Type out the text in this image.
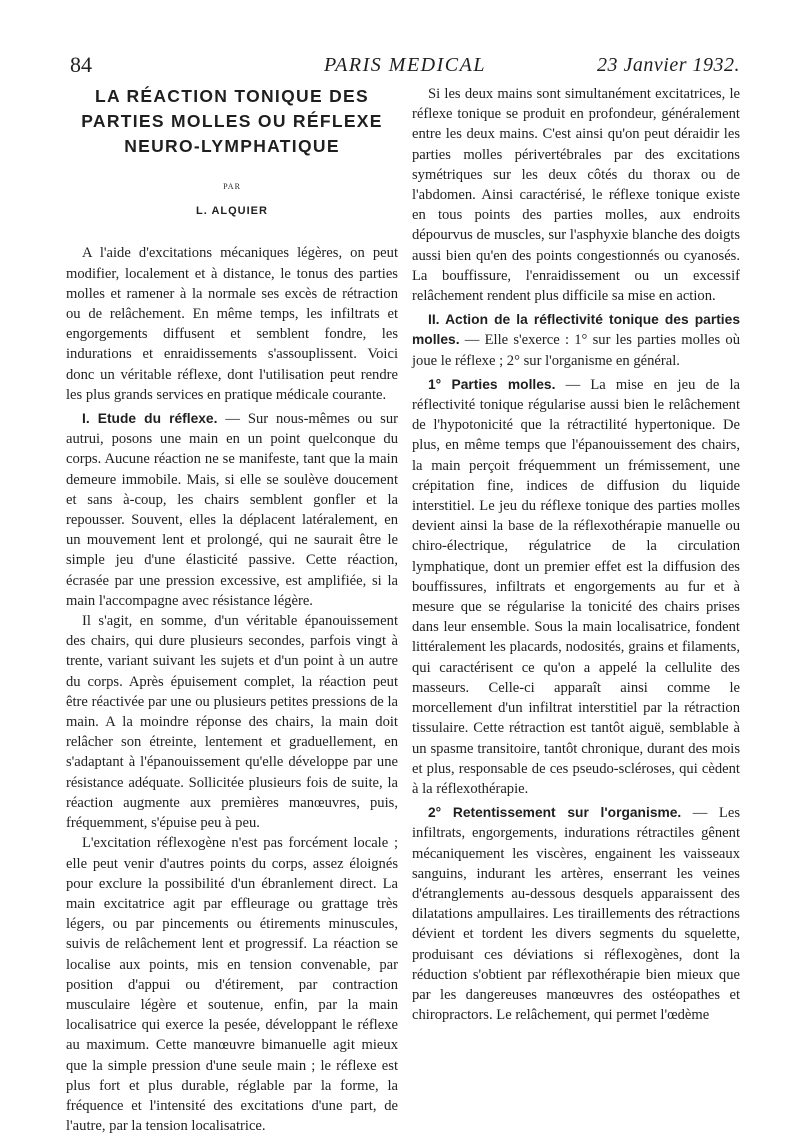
84	PARIS MEDICAL	23 Janvier 1932.
LA RÉACTION TONIQUE DES PARTIES MOLLES OU RÉFLEXE NEURO-LYMPHATIQUE
PAR
L. ALQUIER

A l'aide d'excitations mécaniques légères, on peut modifier, localement et à distance, le tonus des parties molles et ramener à la normale ses excès de rétraction ou de relâchement. En même temps, les infiltrats et engorgements diffusent et semblent fondre, les indurations et enraidissements s'assouplissent. Voici donc un véritable réflexe, dont l'utilisation peut rendre les plus grands services en pratique médicale courante.

I. Etude du réflexe. — Sur nous-mêmes ou sur autrui, posons une main en un point quelconque du corps. Aucune réaction ne se manifeste, tant que la main demeure immobile. Mais, si elle se soulève doucement et sans à-coup, les chairs semblent gonfler et la repousser. Souvent, elles la déplacent latéralement, en un mouvement lent et prolongé, qui ne saurait être le simple jeu d'une élasticité passive. Cette réaction, écrasée par une pression excessive, est amplifiée, si la main l'accompagne avec résistance légère.

Il s'agit, en somme, d'un véritable épanouissement des chairs, qui dure plusieurs secondes, parfois vingt à trente, variant suivant les sujets et d'un point à un autre du corps. Après épuisement complet, la réaction peut être réactivée par une ou plusieurs petites pressions de la main. A la moindre réponse des chairs, la main doit relâcher son étreinte, lentement et graduellement, en s'adaptant à l'épanouissement qu'elle développe par une résistance adéquate. Sollicitée plusieurs fois de suite, la réaction augmente aux premières manœuvres, puis, fréquemment, s'épuise peu à peu.

L'excitation réflexogène n'est pas forcément locale ; elle peut venir d'autres points du corps, assez éloignés pour exclure la possibilité d'un ébranlement direct. La main excitatrice agit par effleurage ou grattage très légers, ou par pincements ou étirements minuscules, suivis de relâchement lent et progressif. La réaction se localise aux points, mis en tension convenable, par position d'appui ou d'étirement, par contraction musculaire légère et soutenue, enfin, par la main localisatrice qui exerce la pesée, développant le réflexe au maximum. Cette manœuvre bimanuelle agit mieux que la simple pression d'une seule main ; le réflexe est plus fort et plus durable, réglable par la forme, la fréquence et l'intensité des excitations d'une part, de l'autre, par la tension localisatrice.

Si les deux mains sont simultanément excitatrices, le réflexe tonique se produit en profondeur, généralement entre les deux mains. C'est ainsi qu'on peut déraidir les parties molles périvertébrales par des excitations symétriques sur les deux côtés du thorax ou de l'abdomen. Ainsi caractérisé, le réflexe tonique existe en tous points des parties molles, aux endroits dépourvus de muscles, sur l'asphyxie blanche des doigts aussi bien qu'en des points congestionnés ou cyanosés. La bouffissure, l'enraidissement ou un excessif relâchement rendent plus difficile sa mise en action.

II. Action de la réflectivité tonique des parties molles. — Elle s'exerce : 1° sur les parties molles où joue le réflexe ; 2° sur l'organisme en général.

1° Parties molles. — La mise en jeu de la réflectivité tonique régularise aussi bien le relâchement de l'hypotonicité que la rétractilité hypertonique. De plus, en même temps que l'épanouissement des chairs, la main perçoit fréquemment un frémissement, une crépitation fine, indices de diffusion du liquide interstitiel. Le jeu du réflexe tonique des parties molles devient ainsi la base de la réflexothérapie manuelle ou chiro-électrique, régulatrice de la circulation lymphatique, dont un premier effet est la diffusion des bouffissures, infiltrats et engorgements au fur et à mesure que se régularise la tonicité des chairs prises dans leur ensemble. Sous la main localisatrice, fondent littéralement les placards, nodosités, grains et filaments, qui caractérisent ce qu'on a appelé la cellulite des masseurs. Celle-ci apparaît ainsi comme le morcellement d'un infiltrat interstitiel par la rétraction tissulaire. Cette rétraction est tantôt aiguë, semblable à un spasme transitoire, tantôt chronique, durant des mois et plus, responsable de ces pseudo-scléroses, qui cèdent à la réflexothérapie.

2° Retentissement sur l'organisme. — Les infiltrats, engorgements, indurations rétractiles gênent mécaniquement les viscères, engainent les vaisseaux sanguins, indurant les artères, enserrant les veines d'étranglements au-dessous desquels apparaissent des dilatations ampullaires. Les tiraillements des rétractions dévient et tordent les divers segments du squelette, produisant ces déviations si réflexogènes, dont la réduction s'obtient par réflexothérapie bien mieux que par les dangereuses manœuvres des ostéopathes et chiropractors. Le relâchement, qui permet l'œdème
